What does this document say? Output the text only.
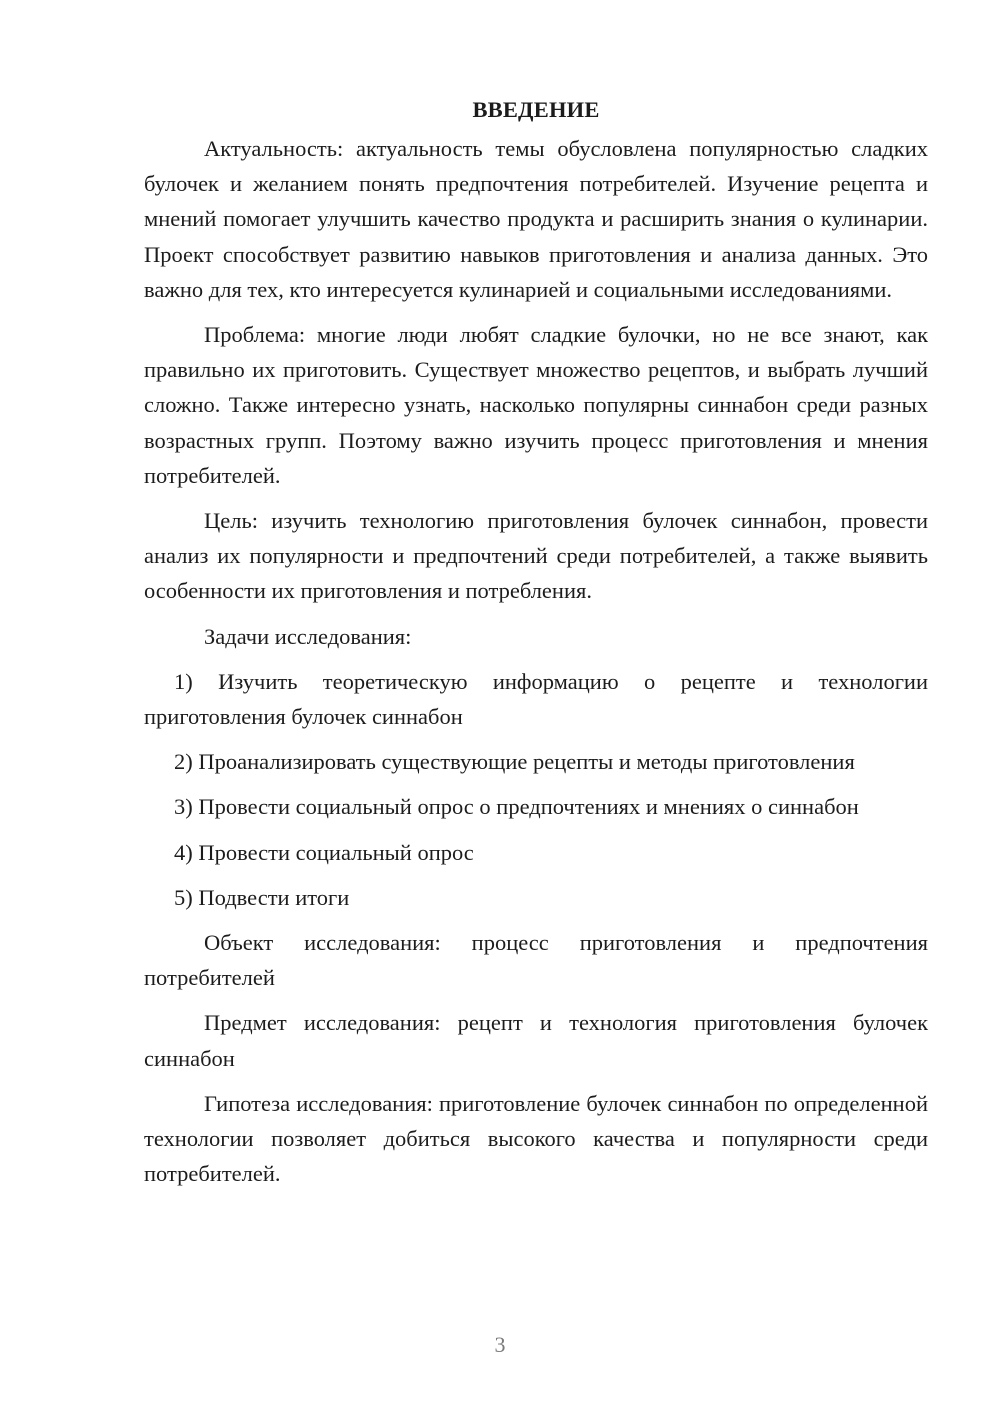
ВВЕДЕНИЕ

Актуальность: актуальность темы обусловлена популярностью сладких булочек и желанием понять предпочтения потребителей. Изучение рецепта и мнений помогает улучшить качество продукта и расширить знания о кулинарии. Проект способствует развитию навыков приготовления и анализа данных. Это важно для тех, кто интересуется кулинарией и социальными исследованиями.

Проблема: многие люди любят сладкие булочки, но не все знают, как правильно их приготовить. Существует множество рецептов, и выбрать лучший сложно. Также интересно узнать, насколько популярны синнабон среди разных возрастных групп. Поэтому важно изучить процесс приготовления и мнения потребителей.

Цель: изучить технологию приготовления булочек синнабон, провести анализ их популярности и предпочтений среди потребителей, а также выявить особенности их приготовления и потребления.

Задачи исследования:

1) Изучить теоретическую информацию о рецепте и технологии приготовления булочек синнабон

2) Проанализировать существующие рецепты и методы приготовления

3) Провести социальный опрос о предпочтениях и мнениях о синнабон

4) Провести социальный опрос

5) Подвести итоги

Объект исследования: процесс приготовления и предпочтения потребителей

Предмет исследования: рецепт и технология приготовления булочек синнабон

Гипотеза исследования: приготовление булочек синнабон по определенной технологии позволяет добиться высокого качества и популярности среди потребителей.

3
